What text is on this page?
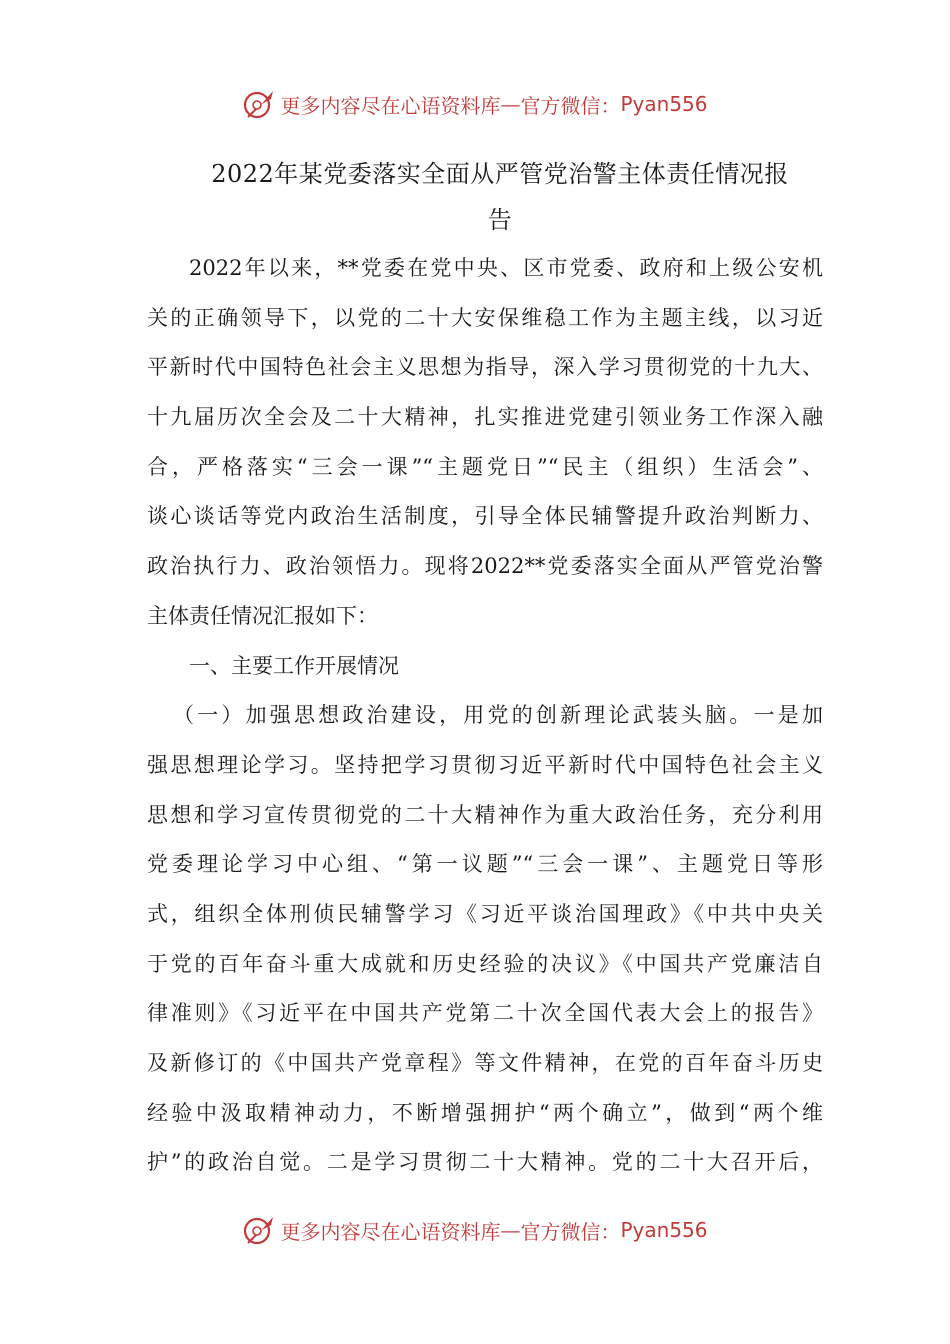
更多内容尽在心语资料库 — 官方微信： Pyan556
2022年某党委落实全面从严管党治警主体责任情况报
告
2022年以来，**党委在党中央、区市党委、政府和上级公安机
关的正确领导下，以党的二十大安保维稳工作为主题主线，以习近
平新时代中国特色社会主义思想为指导，深入学习贯彻党的十九大、
十九届历次全会及二十大精神，扎实推进党建引领业务工作深入融
合，严格落实“三会一课”“主题党日”“民主（组织）生活会”、
谈心谈话等党内政治生活制度，引导全体民辅警提升政治判断力、
政治执行力、政治领悟力。现将2022**党委落实全面从严管党治警
主体责任情况汇报如下：
一、主要工作开展情况
（一）加强思想政治建设，用党的创新理论武装头脑。一是加
强思想理论学习。坚持把学习贯彻习近平新时代中国特色社会主义
思想和学习宣传贯彻党的二十大精神作为重大政治任务，充分利用
党委理论学习中心组、“第一议题”“三会一课”、主题党日等形
式，组织全体刑侦民辅警学习《习近平谈治国理政》《中共中央关
于党的百年奋斗重大成就和历史经验的决议》《中国共产党廉洁自
律准则》《习近平在中国共产党第二十次全国代表大会上的报告》
及新修订的《中国共产党章程》等文件精神，在党的百年奋斗历史
经验中汲取精神动力，不断增强拥护“两个确立”，做到“两个维
护”的政治自觉。二是学习贯彻二十大精神。党的二十大召开后，
更多内容尽在心语资料库 — 官方微信： Pyan556
